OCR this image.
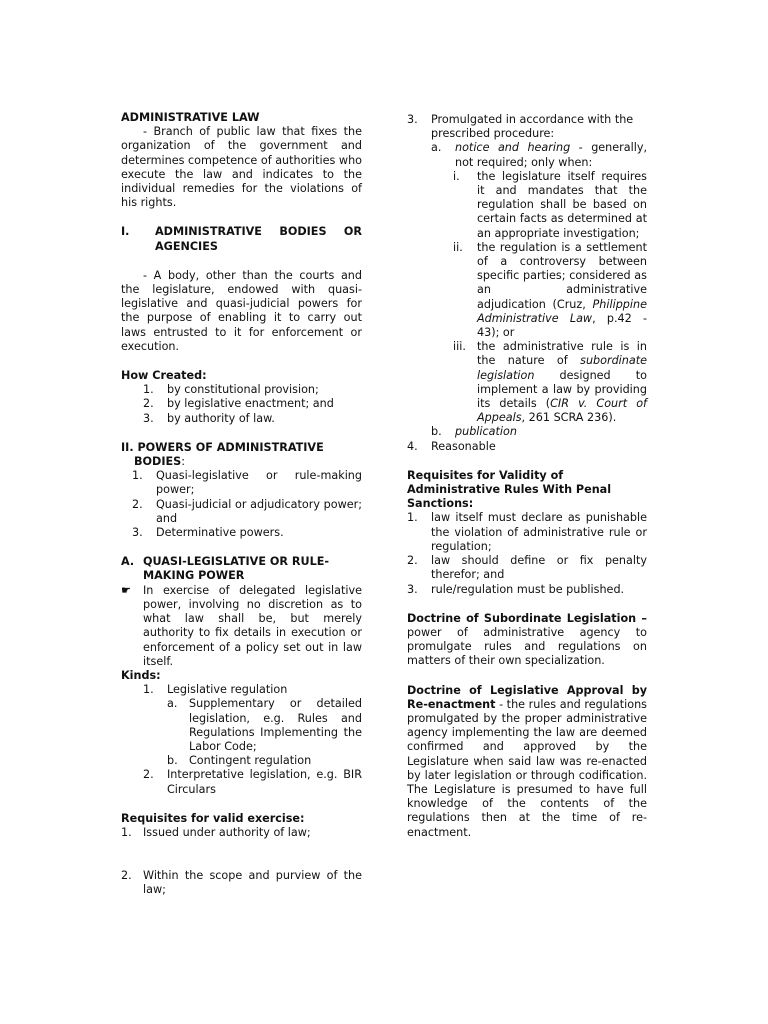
ADMINISTRATIVE LAW

- Branch of public law that fixes the organization of the government and determines competence of authorities who execute the law and indicates to the individual remedies for the violations of his rights.

I.	ADMINISTRATIVE BODIES OR AGENCIES

- A body, other than the courts and the legislature, endowed with quasi-legislative and quasi-judicial powers for the purpose of enabling it to carry out laws entrusted to it for enforcement or execution.

How Created:

1.	by constitutional provision;
2.	by legislative enactment; and
3.	by authority of law.

II. POWERS OF ADMINISTRATIVE BODIES:

1.	Quasi-legislative or rule-making power;
2.	Quasi-judicial or adjudicatory power; and
3.	Determinative powers.
A. QUASI-LEGISLATIVE OR RULE-MAKING POWER
☛	In exercise of delegated legislative power, involving no discretion as to what law shall be, but merely authority to fix details in execution or enforcement of a policy set out in law itself.

Kinds:

1.	Legislative regulation
a.	Supplementary or detailed legislation, e.g. Rules and Regulations Implementing the Labor Code;
b.	Contingent regulation
2.	Interpretative legislation, e.g. BIR Circulars

Requisites for valid exercise:

1.	Issued under authority of law;
2.	Within the scope and purview of the law;
3.	Promulgated in accordance with the prescribed procedure:
a.	notice and hearing - generally, not required; only when:
i.	the legislature itself requires it and mandates that the regulation shall be based on certain facts as determined at an appropriate investigation;
ii.	the regulation is a settlement of a controversy between specific parties; considered as an administrative adjudication (Cruz, Philippine Administrative Law, p.42 - 43); or
iii. the administrative rule is in the nature of subordinate legislation designed to implement a law by providing its details (CIR v. Court of Appeals, 261 SCRA 236).
b.	publication
4.	Reasonable

Requisites for Validity of Administrative Rules With Penal Sanctions:

1.	law itself must declare as punishable the violation of administrative rule or regulation;
2.	law should define or fix penalty therefor; and
3.	rule/regulation must be published.

Doctrine of Subordinate Legislation – power of administrative agency to promulgate rules and regulations on matters of their own specialization.

Doctrine of Legislative Approval by Re-enactment - the rules and regulations promulgated by the proper administrative agency implementing the law are deemed confirmed and approved by the Legislature when said law was re-enacted by later legislation or through codification. The Legislature is presumed to have full knowledge of the contents of the regulations then at the time of re-enactment.
